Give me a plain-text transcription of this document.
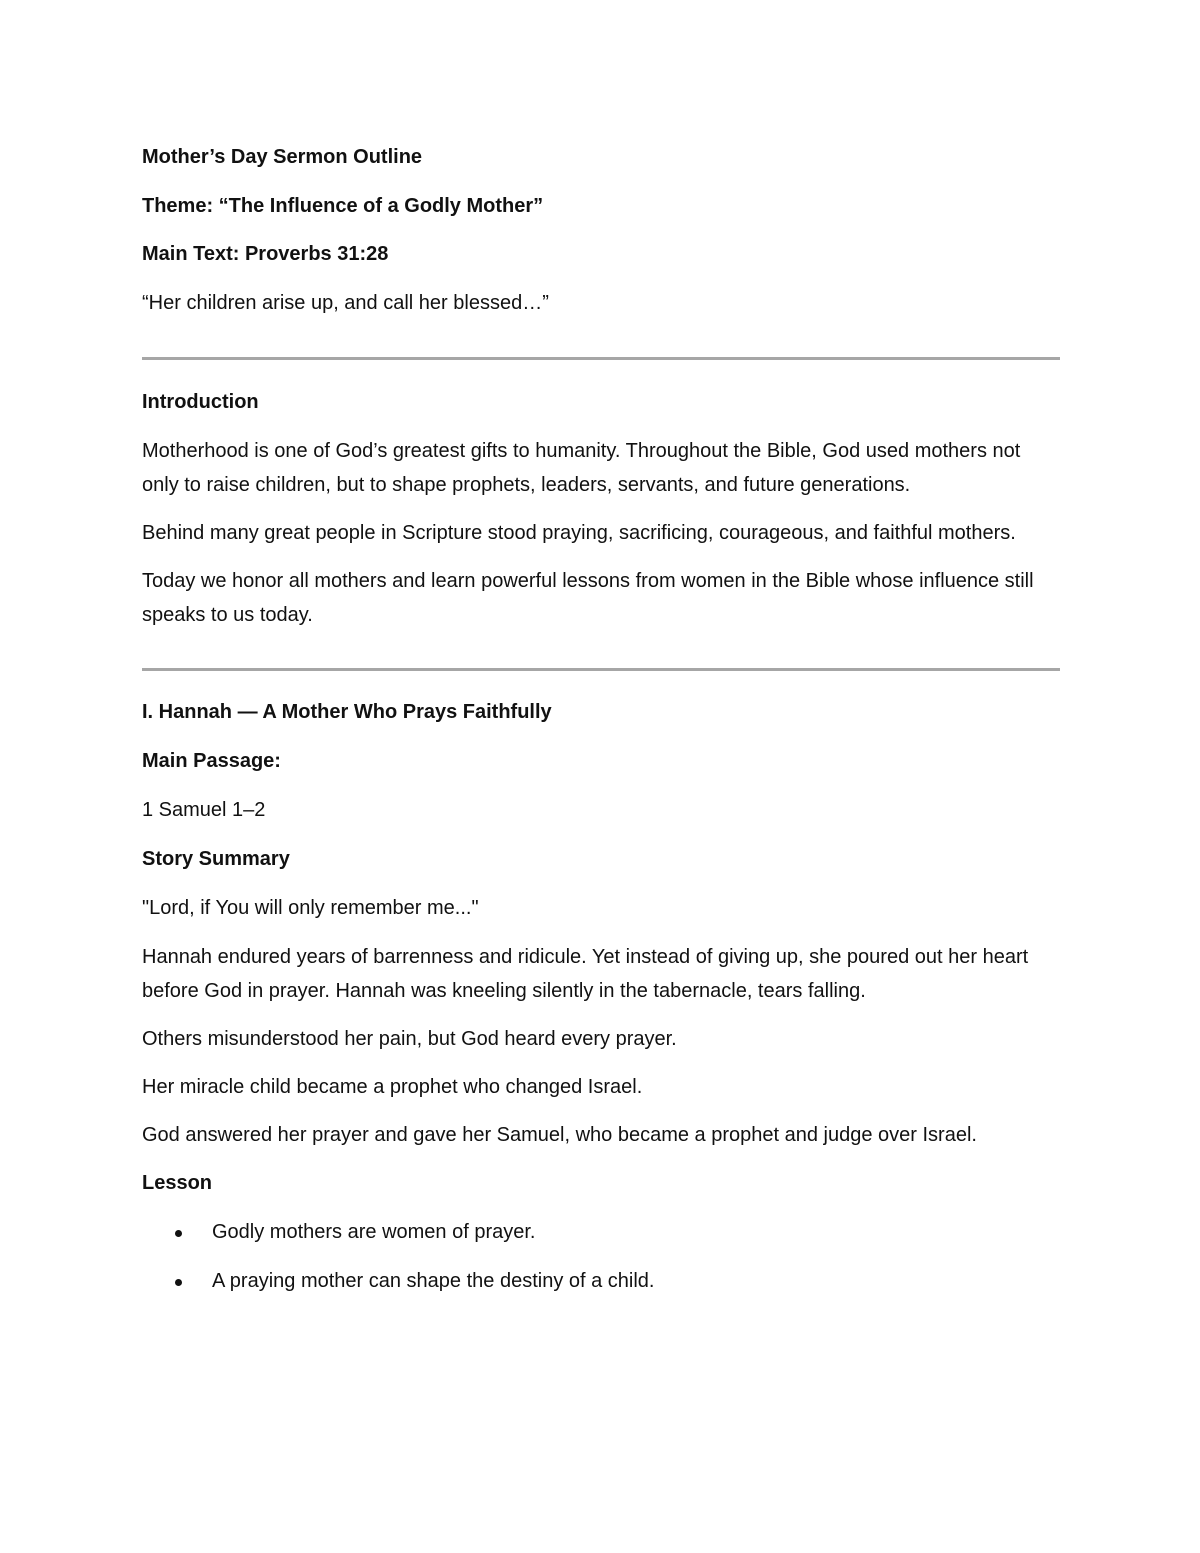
Mother’s Day Sermon Outline

Theme: “The Influence of a Godly Mother”

Main Text: Proverbs 31:28

“Her children arise up, and call her blessed…”

Introduction

Motherhood is one of God’s greatest gifts to humanity. Throughout the Bible, God used mothers not only to raise children, but to shape prophets, leaders, servants, and future generations.

Behind many great people in Scripture stood praying, sacrificing, courageous, and faithful mothers.

Today we honor all mothers and learn powerful lessons from women in the Bible whose influence still speaks to us today.

I. Hannah — A Mother Who Prays Faithfully

Main Passage:

1 Samuel 1–2

Story Summary

"Lord, if You will only remember me..."

Hannah endured years of barrenness and ridicule. Yet instead of giving up, she poured out her heart before God in prayer. Hannah was kneeling silently in the tabernacle, tears falling.

Others misunderstood her pain, but God heard every prayer.

Her miracle child became a prophet who changed Israel.

God answered her prayer and gave her Samuel, who became a prophet and judge over Israel.

Lesson

Godly mothers are women of prayer.
A praying mother can shape the destiny of a child.
